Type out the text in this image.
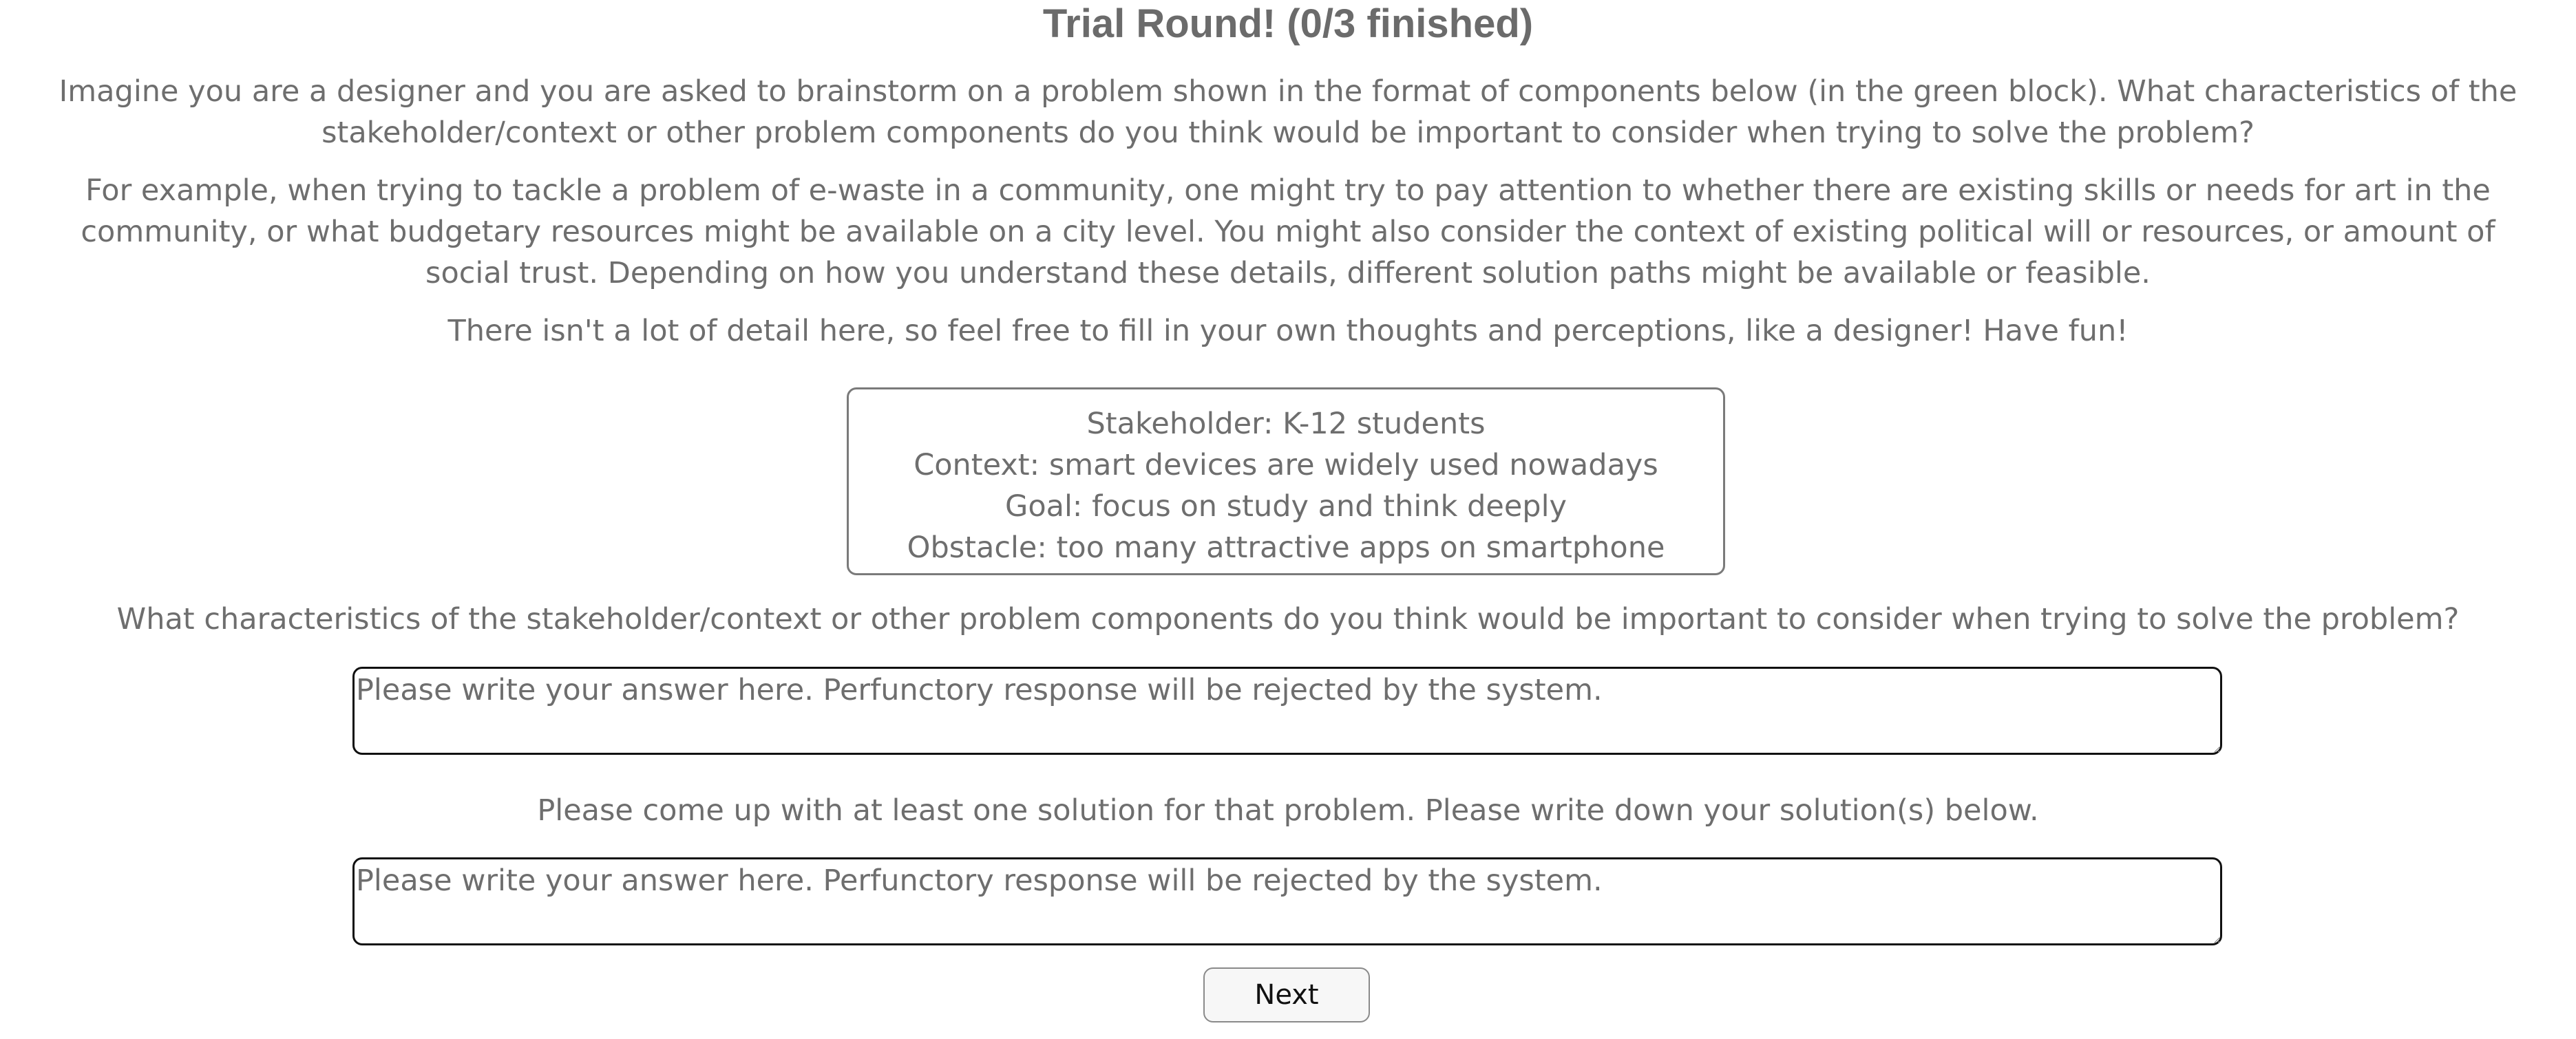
Trial Round! (0/3 finished)

Imagine you are a designer and you are asked to brainstorm on a problem shown in the format of components below (in the green block). What characteristics of the stakeholder/context or other problem components do you think would be important to consider when trying to solve the problem?

For example, when trying to tackle a problem of e-waste in a community, one might try to pay attention to whether there are existing skills or needs for art in the community, or what budgetary resources might be available on a city level. You might also consider the context of existing political will or resources, or amount of social trust. Depending on how you understand these details, different solution paths might be available or feasible.

There isn't a lot of detail here, so feel free to fill in your own thoughts and perceptions, like a designer! Have fun!

Stakeholder: K-12 students
Context: smart devices are widely used nowadays
Goal: focus on study and think deeply
Obstacle: too many attractive apps on smartphone

What characteristics of the stakeholder/context or other problem components do you think would be important to consider when trying to solve the problem?

Please write your answer here. Perfunctory response will be rejected by the system.

Please come up with at least one solution for that problem. Please write down your solution(s) below.

Please write your answer here. Perfunctory response will be rejected by the system.
Next
